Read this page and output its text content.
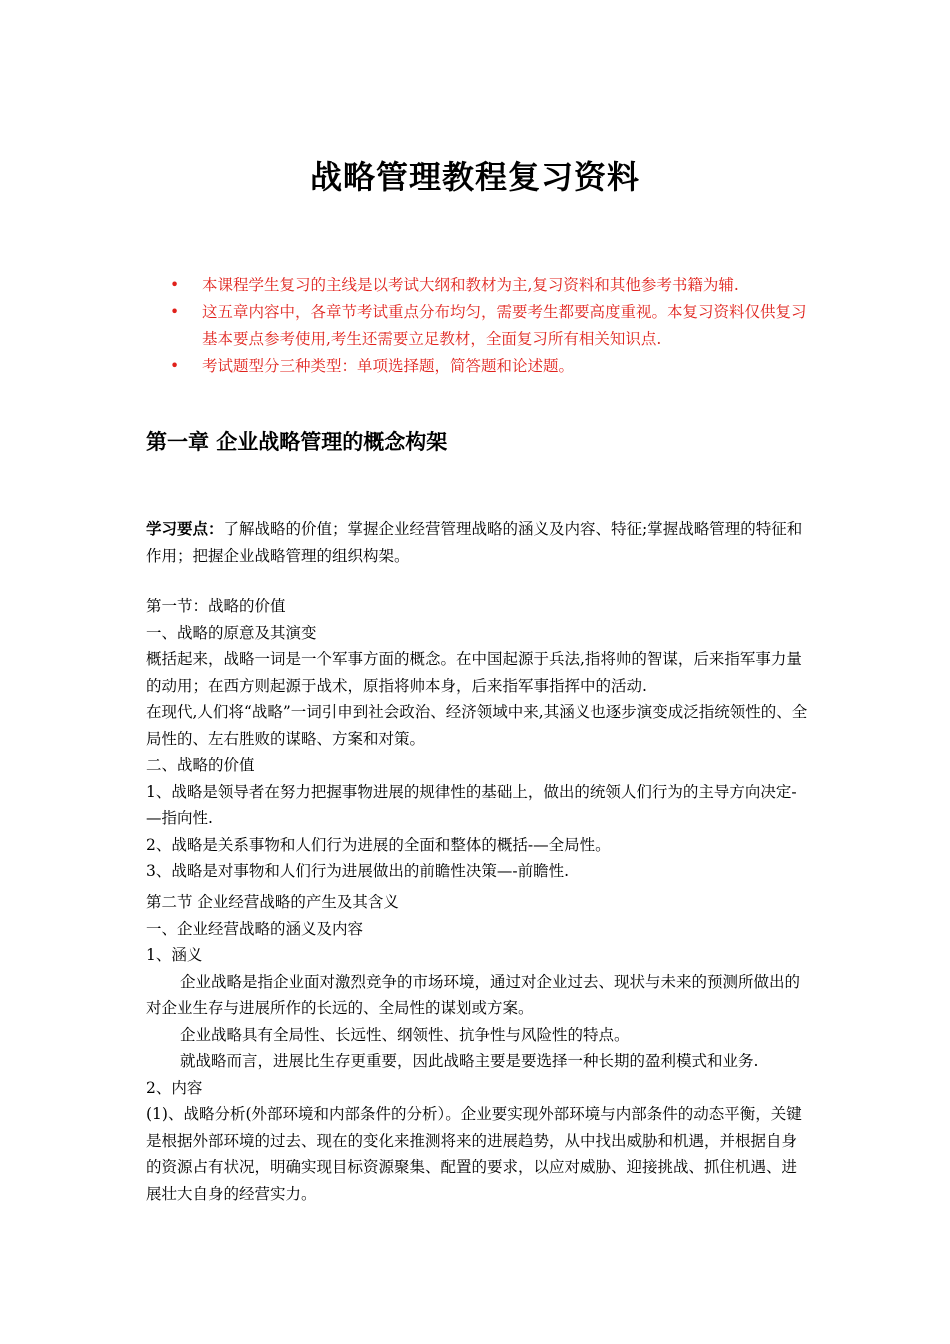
战略管理教程复习资料
•	本课程学生复习的主线是以考试大纲和教材为主,复习资料和其他参考书籍为辅.
•	这五章内容中，各章节考试重点分布均匀，需要考生都要高度重视。本复习资料仅供复习基本要点参考使用,考生还需要立足教材，全面复习所有相关知识点.
•	考试题型分三种类型：单项选择题，简答题和论述题。
第一章 企业战略管理的概念构架

学习要点：了解战略的价值；掌握企业经营管理战略的涵义及内容、特征;掌握战略管理的特征和作用；把握企业战略管理的组织构架。

第一节：战略的价值

一、战略的原意及其演变

概括起来，战略一词是一个军事方面的概念。在中国起源于兵法,指将帅的智谋，后来指军事力量的动用；在西方则起源于战术，原指将帅本身，后来指军事指挥中的活动.

在现代,人们将“战略”一词引申到社会政治、经济领域中来,其涵义也逐步演变成泛指统领性的、全局性的、左右胜败的谋略、方案和对策。

二、战略的价值

1、战略是领导者在努力把握事物进展的规律性的基础上，做出的统领人们行为的主导方向决定-—指向性.

2、战略是关系事物和人们行为进展的全面和整体的概括-—全局性。

3、战略是对事物和人们行为进展做出的前瞻性决策—-前瞻性.

第二节 企业经营战略的产生及其含义

一、企业经营战略的涵义及内容

1、涵义

企业战略是指企业面对激烈竞争的市场环境，通过对企业过去、现状与未来的预测所做出的对企业生存与进展所作的长远的、全局性的谋划或方案。

企业战略具有全局性、长远性、纲领性、抗争性与风险性的特点。

就战略而言，进展比生存更重要，因此战略主要是要选择一种长期的盈利模式和业务.

2、内容

(1)、战略分析(外部环境和内部条件的分析）。企业要实现外部环境与内部条件的动态平衡，关键是根据外部环境的过去、现在的变化来推测将来的进展趋势，从中找出威胁和机遇，并根据自身的资源占有状况，明确实现目标资源聚集、配置的要求，以应对威胁、迎接挑战、抓住机遇、进展壮大自身的经营实力。
